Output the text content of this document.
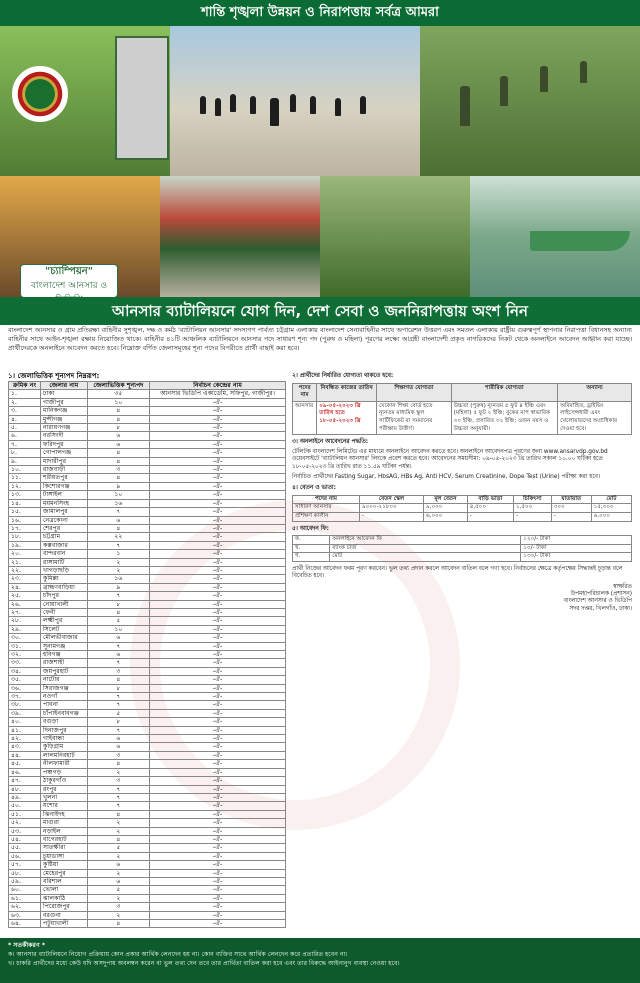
শান্তি শৃঙ্খলা উন্নয়ন ও নিরাপত্তায় সর্বত্র আমরা
"চ্যাম্পিয়ন"
বাংলাদেশ আনসার ও
আনসার ব্যাটালিয়নে যোগ দিন, দেশ সেবা ও জননিরাপত্তায় অংশ নিন
বাংলাদেশ আনসার ও গ্রাম প্রতিরক্ষা বাহিনীর সুশৃঙ্খল, দক্ষ ও কর্মঠ 'ব্যাটালিয়ন আনসার' সদস্যগণ পার্বত্য চট্টগ্রাম এলাকায় বাংলাদেশ সেনাবাহিনীর সাথে অপারেশন উত্তরণ এবং সমতল এলাকায় রাষ্ট্রীয় গুরুত্বপূর্ণ স্থাপনার নিরাপত্তা বিধানসহ অন্যান্য বাহিনীর সাথে আইন-শৃঙ্খলা রক্ষায় নিয়োজিত থাকে। বাহিনীর ৪১টি আঞ্চলিক ব্যাটালিয়নে আনসার পদে সাধারণ শূন্য পদ (পুরুষ ও মহিলা) পূরণের লক্ষ্যে আগ্রহী বাংলাদেশী প্রকৃত নাগরিকদের নিকট থেকে অনলাইনে আবেদন আহ্বান করা যাচ্ছে। প্রার্থীদেরকে অনলাইনে আবেদন করতে হবে। নিম্নোক্ত বর্ণিত জেলাসমূহের শূন্য পদের বিপরীতে প্রার্থী বাছাই করা হবে।
১। জেলাভিত্তিক শূন্যপদ নিম্নরূপ:
ক্রমিক নং	জেলার নাম	জেলাভিত্তিক শূন্যপদ	নির্বাচন কেন্দ্রের নাম
১.	ঢাকা	৩৫	আনসার ভিডিপি একাডেমি, সফিপুর, গাজীপুর।
২.	গাজীপুর	১০	-ঐ-
৩.	মানিকগঞ্জ	৪	-ঐ-
৪.	মুন্সীগঞ্জ	৪	-ঐ-
৫.	নারায়ণগঞ্জ	৮	-ঐ-
৬.	নরসিংদী	৬	-ঐ-
৭.	ফরিদপুর	৬	-ঐ-
৮.	গোপালগঞ্জ	৪	-ঐ-
৯.	মাদারীপুর	৪	-ঐ-
১০.	রাজবাড়ী	৩	-ঐ-
১১.	শরীয়তপুর	৪	-ঐ-
১২.	কিশোরগঞ্জ	৯	-ঐ-
১৩.	টাঙ্গাইল	১০	-ঐ-
১৪.	ময়মনসিংহ	১৬	-ঐ-
১৫.	জামালপুর	৭	-ঐ-
১৬.	নেত্রকোনা	৬	-ঐ-
১৭.	শেরপুর	৪	-ঐ-
১৮.	চট্টগ্রাম	২২	-ঐ-
১৯.	কক্সবাজার	৭	-ঐ-
২০.	বান্দরবান	১	-ঐ-
২১.	রাঙ্গামাটি	২	-ঐ-
২২.	খাগড়াছড়ি	২	-ঐ-
২৩.	কুমিল্লা	১৬	-ঐ-
২৪.	ব্রাহ্মণবাড়িয়া	৯	-ঐ-
২৫.	চাঁদপুর	৭	-ঐ-
২৬.	নোয়াখালী	৮	-ঐ-
২৭.	ফেনী	৪	-ঐ-
২৮.	লক্ষ্মীপুর	৫	-ঐ-
২৯.	সিলেট	১০	-ঐ-
৩০.	মৌলভীবাজার	৬	-ঐ-
৩১.	সুনামগঞ্জ	৭	-ঐ-
৩২.	হবিগঞ্জ	৬	-ঐ-
৩৩.	রাজশাহী	৭	-ঐ-
৩৪.	জয়পুরহাট	৩	-ঐ-
৩৫.	নাটোর	৪	-ঐ-
৩৬.	সিরাজগঞ্জ	৮	-ঐ-
৩৭.	নওগাঁ	৭	-ঐ-
৩৮.	পাবনা	৭	-ঐ-
৩৯.	চাঁপাইনবাবগঞ্জ	৫	-ঐ-
৪০.	বগুড়া	৮	-ঐ-
৪১.	দিনাজপুর	৭	-ঐ-
৪২.	গাইবান্ধা	৬	-ঐ-
৪৩.	কুড়িগ্রাম	৬	-ঐ-
৪৪.	লালমনিরহাট	৩	-ঐ-
৪৫.	নীলফামারী	৪	-ঐ-
৪৬.	পঞ্চগড়	২	-ঐ-
৪৭.	ঠাকুরগাঁও	৩	-ঐ-
৪৮.	রংপুর	৭	-ঐ-
৪৯.	খুলনা	৭	-ঐ-
৫০.	যশোর	৭	-ঐ-
৫১.	ঝিনাইদহ	৪	-ঐ-
৫২.	মাগুরা	২	-ঐ-
৫৩.	নড়াইল	২	-ঐ-
৫৪.	বাগেরহাট	৪	-ঐ-
৫৫.	সাতক্ষীরা	৫	-ঐ-
৫৬.	চুয়াডাঙ্গা	২	-ঐ-
৫৭.	কুষ্টিয়া	৬	-ঐ-
৫৮.	মেহেরপুর	২	-ঐ-
৫৯.	বরিশাল	৬	-ঐ-
৬০.	ভোলা	৫	-ঐ-
৬১.	ঝালকাঠি	২	-ঐ-
৬২.	পিরোজপুর	৩	-ঐ-
৬৩.	বরগুনা	২	-ঐ-
৬৪.	পটুয়াখালী	৪	-ঐ-
২। প্রার্থীদের নির্ধারিত যোগ্যতা থাকতে হবে:
পদের নাম	নিবন্ধিত কাজের তারিখ	শিক্ষাগত যোগ্যতা	শারীরিক যোগ্যতা	অন্যান্য
আনসার	০৯-০৫-২০২৩ খ্রি তারিখ হতে ১৮-০৫-২০২৩ খ্রি	যেকোন শিক্ষা বোর্ড হতে ন্যূনতম মাধ্যমিক স্কুল সার্টিফিকেট বা সমমানের পরীক্ষায় উত্তীর্ণ।	উচ্চতা (পুরুষ) ন্যূনতম ৫ ফুট ৪ ইঞ্চি এবং (মহিলা) ৫ ফুট ২ ইঞ্চি; বুকের মাপ স্বাভাবিক ৩০ ইঞ্চি, প্রসারিত ৩২ ইঞ্চি; ওজন বয়স ও উচ্চতা অনুযায়ী।	অবিবাহিত, ড্রাইভিং লাইসেন্সধারী এবং খেলোয়াড়দের অগ্রাধিকার দেওয়া হবে।
৩। অনলাইনে আবেদনের পদ্ধতি:
টেলিটক বাংলাদেশ লিমিটেড এর মাধ্যমে অনলাইনে আবেদন করতে হবে। অনলাইনে আবেদনপত্র পূরণের জন্য www.ansarvdp.gov.bd ওয়েবসাইটে 'ব্যাটালিয়ন আনসার' লিংকে প্রবেশ করতে হবে। আবেদনের সময়সীমা: ০৯-০৫-২০২৩ খ্রি তারিখ সকাল ১০.০০ ঘটিকা হতে ১৮-০৫-২০২৩ খ্রি তারিখ রাত ১১.৫৯ ঘটিকা পর্যন্ত।
নির্বাচিত প্রার্থীদের Fasting Sugar, HbsAG, HBs Ag, Anti HCV, Serum Creatinine, Dope Test (Urine) পরীক্ষা করা হবে।
৪। বেতন ও ভাতা:
পদের নাম	বেতন স্কেল	মূল বেতন	বাড়ি ভাড়া	চিকিৎসা	যাতায়াত	মোট
সাধারণ আনসার	৯০০০-২১৮০০	৯,০০০	৪,৫০০	১,৫০০	৩০০	১৫,৩০০
প্রশিক্ষণ কালীন	-	৬,০০০	-	-	-	৬,০০০
৫। আবেদন ফি:
ক.	অনলাইনে আবেদন ফি	১২০/- টাকা
খ.	ব্যাংক চার্জ	১০/- টাকা
গ.	মোট	১৩০/- টাকা
প্রার্থী নিজের আবেদন ফরম পূরণ করবেন। ভুল তথ্য প্রদান করলে আবেদন বাতিল বলে গণ্য হবে। নির্বাচনের ক্ষেত্রে কর্তৃপক্ষের সিদ্ধান্তই চূড়ান্ত বলে বিবেচিত হবে।
স্বাক্ষরিত
উপমহাপরিচালক (প্রশাসন)
বাংলাদেশ আনসার ও ভিডিপি
সদর দপ্তর, খিলগাঁও, ঢাকা।
* সতর্কীকরণ *
ক। আনসার ব্যাটালিয়নে নিয়োগ প্রক্রিয়ায় কোন প্রকার আর্থিক লেনদেন হয় না। কোন ব্যক্তির সাথে আর্থিক লেনদেন করে প্রতারিত হবেন না।
খ। চাকরি প্রার্থীদের মধ্যে কেউ যদি অসদুপায় অবলম্বন করেন বা ভুল তথ্য দেন তবে তার প্রার্থিতা বাতিল করা হবে এবং তার বিরুদ্ধে আইনানুগ ব্যবস্থা নেওয়া হবে।
